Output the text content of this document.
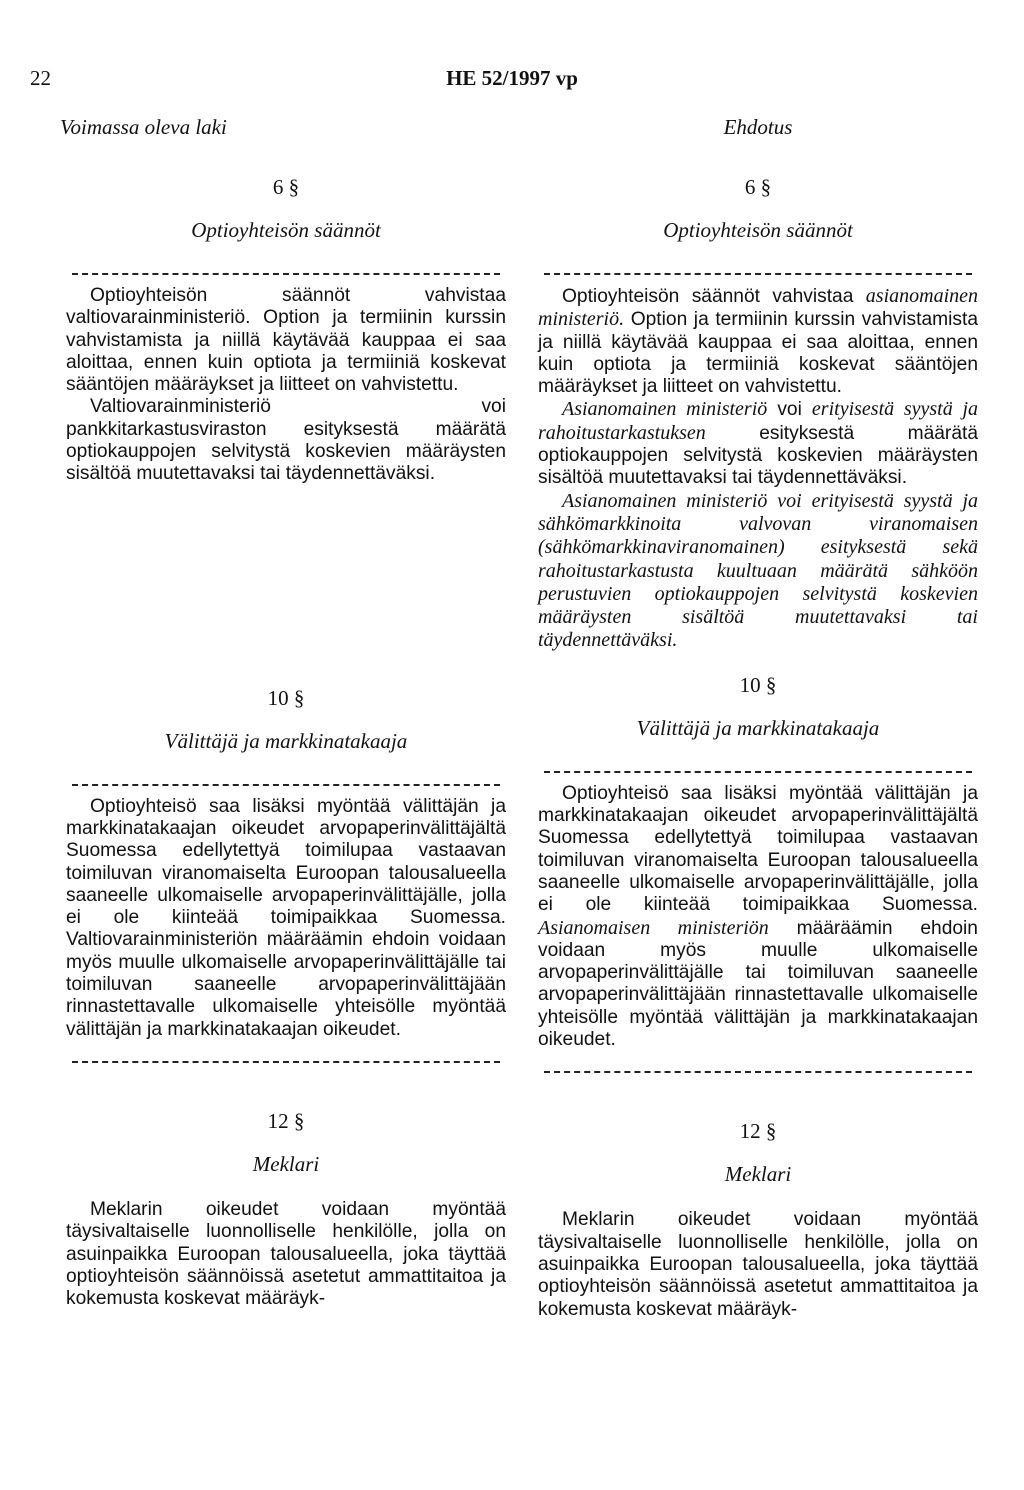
22	HE 52/1997 vp
Voimassa oleva laki
6 §
Optioyhteisön säännöt

Optioyhteisön säännöt vahvistaa valtiovarainministeriö. Option ja termiinin kurssin vahvistamista ja niillä käytävää kauppaa ei saa aloittaa, ennen kuin optiota ja termiiniä koskevat sääntöjen määräykset ja liitteet on vahvistettu.

Valtiovarainministeriö voi pankkitarkastusviraston esityksestä määrätä optiokauppojen selvitystä koskevien määräysten sisältöä muutettavaksi tai täydennettäväksi.

10 §
Välittäjä ja markkinatakaaja

Optioyhteisö saa lisäksi myöntää välittäjän ja markkinatakaajan oikeudet arvopaperinvälittäjältä Suomessa edellytettyä toimilupaa vastaavan toimiluvan viranomaiselta Euroopan talousalueella saaneelle ulkomaiselle arvopaperinvälittäjälle, jolla ei ole kiinteää toimipaikkaa Suomessa. Valtiovarainministeriön määräämin ehdoin voidaan myös muulle ulkomaiselle arvopaperinvälittäjälle tai toimiluvan saaneelle arvopaperinvälittäjään rinnastettavalle ulkomaiselle yhteisölle myöntää välittäjän ja markkinatakaajan oikeudet.

12 §
Meklari

Meklarin oikeudet voidaan myöntää täysivaltaiselle luonnolliselle henkilölle, jolla on asuinpaikka Euroopan talousalueella, joka täyttää optioyhteisön säännöissä asetetut ammattitaitoa ja kokemusta koskevat määräyk-

Ehdotus
6 §
Optioyhteisön säännöt

Optioyhteisön säännöt vahvistaa asianomainen ministeriö. Option ja termiinin kurssin vahvistamista ja niillä käytävää kauppaa ei saa aloittaa, ennen kuin optiota ja termiiniä koskevat sääntöjen määräykset ja liitteet on vahvistettu.

Asianomainen ministeriö voi erityisestä syystä ja rahoitustarkastuksen esityksestä määrätä optiokauppojen selvitystä koskevien määräysten sisältöä muutettavaksi tai täydennettäväksi.

Asianomainen ministeriö voi erityisestä syystä ja sähkömarkkinoita valvovan viranomaisen (sähkömarkkinaviranomainen) esityksestä sekä rahoitustarkastusta kuultuaan määrätä sähköön perustuvien optiokauppojen selvitystä koskevien määräysten sisältöä muutettavaksi tai täydennettäväksi.

10 §
Välittäjä ja markkinatakaaja

Optioyhteisö saa lisäksi myöntää välittäjän ja markkinatakaajan oikeudet arvopaperinvälittäjältä Suomessa edellytettyä toimilupaa vastaavan toimiluvan viranomaiselta Euroopan talousalueella saaneelle ulkomaiselle arvopaperinvälittäjälle, jolla ei ole kiinteää toimipaikkaa Suomessa. Asianomaisen ministeriön määräämin ehdoin voidaan myös muulle ulkomaiselle arvopaperinvälittäjälle tai toimiluvan saaneelle arvopaperinvälittäjään rinnastettavalle ulkomaiselle yhteisölle myöntää välittäjän ja markkinatakaajan oikeudet.

12 §
Meklari

Meklarin oikeudet voidaan myöntää täysivaltaiselle luonnolliselle henkilölle, jolla on asuinpaikka Euroopan talousalueella, joka täyttää optioyhteisön säännöissä asetetut ammattitaitoa ja kokemusta koskevat määräyk-
